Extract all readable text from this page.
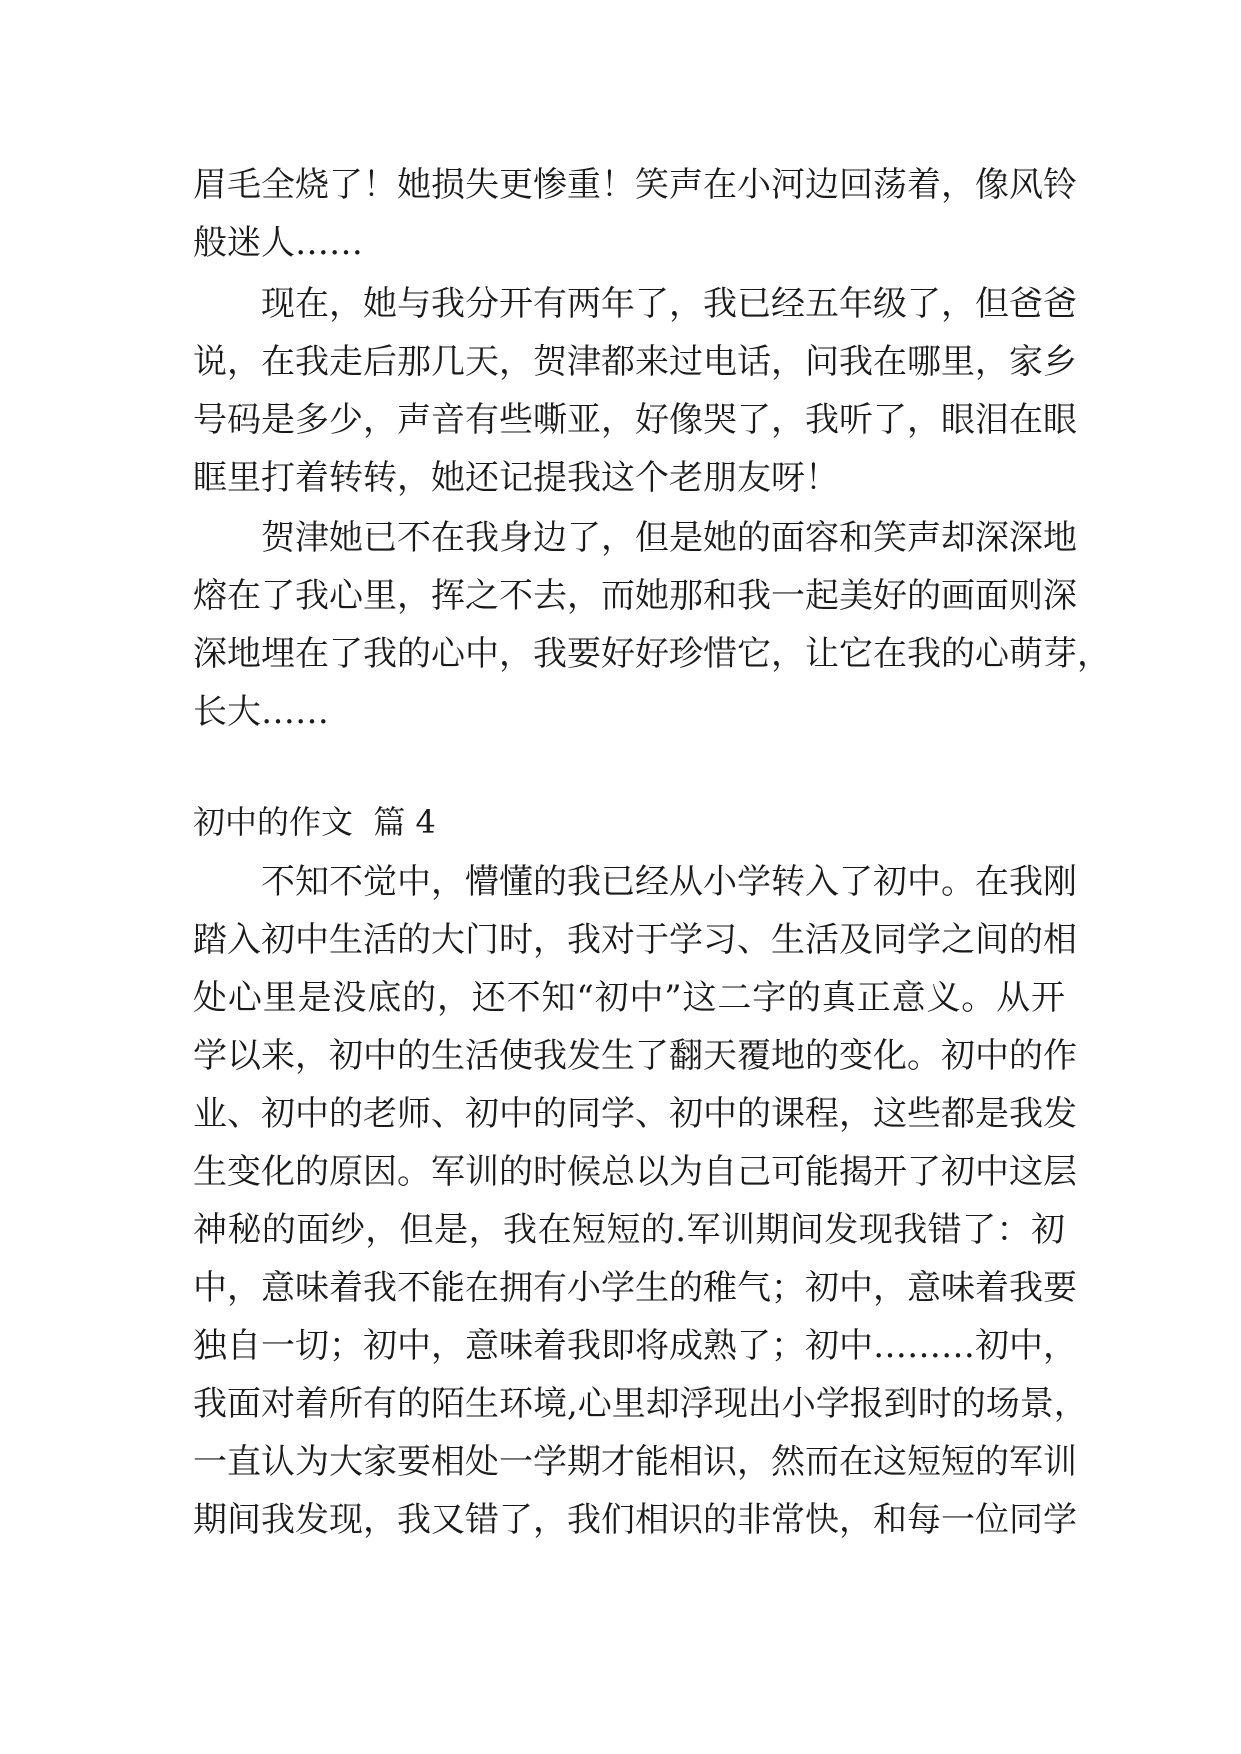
眉毛全烧了！她损失更惨重！笑声在小河边回荡着，像风铃
般迷人……
　　现在，她与我分开有两年了，我已经五年级了，但爸爸
说，在我走后那几天，贺津都来过电话，问我在哪里，家乡
号码是多少，声音有些嘶亚，好像哭了，我听了，眼泪在眼
眶里打着转转，她还记提我这个老朋友呀！
　　贺津她已不在我身边了，但是她的面容和笑声却深深地
熔在了我心里，挥之不去，而她那和我一起美好的画面则深
深地埋在了我的心中，我要好好珍惜它，让它在我的心萌芽，
长大……
初中的作文  篇 4
　　不知不觉中，懵懂的我已经从小学转入了初中。在我刚
踏入初中生活的大门时，我对于学习、生活及同学之间的相
处心里是没底的，还不知“初中”这二字的真正意义。从开
学以来，初中的生活使我发生了翻天覆地的变化。初中的作
业、初中的老师、初中的同学、初中的课程，这些都是我发
生变化的原因。军训的时候总以为自己可能揭开了初中这层
神秘的面纱，但是，我在短短的.军训期间发现我错了：初
中，意味着我不能在拥有小学生的稚气；初中，意味着我要
独自一切；初中，意味着我即将成熟了；初中………初中，
我面对着所有的陌生环境,心里却浮现出小学报到时的场景，
一直认为大家要相处一学期才能相识，然而在这短短的军训
期间我发现，我又错了，我们相识的非常快，和每一位同学
